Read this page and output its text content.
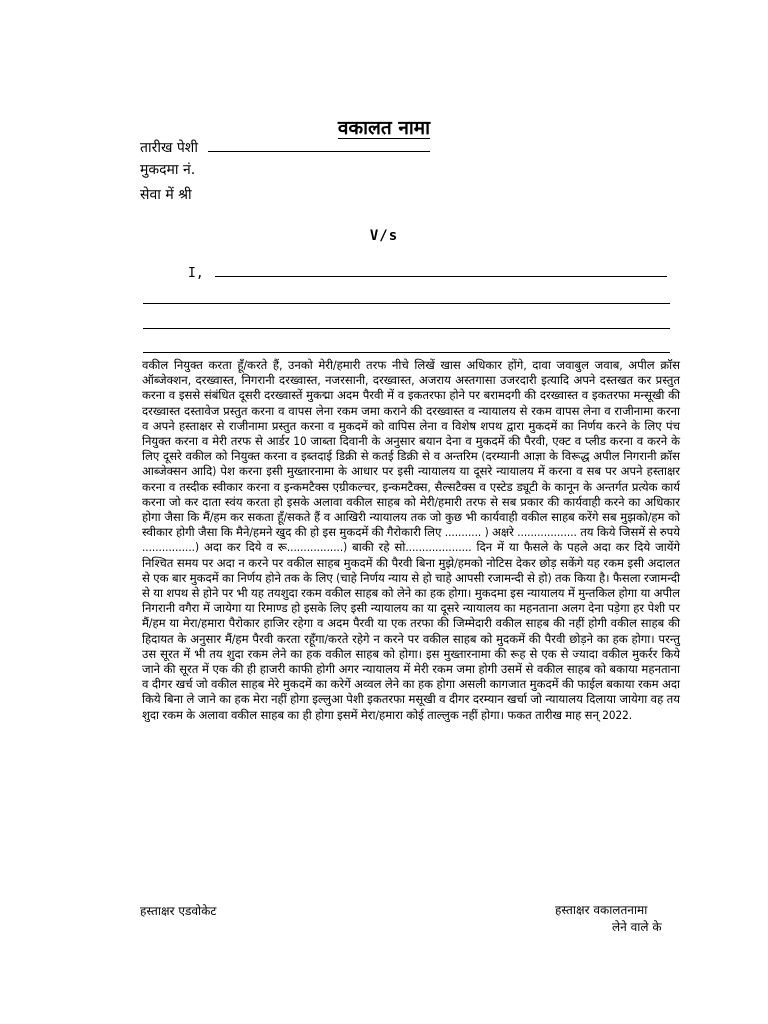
वकालत नामा
तारीख पेशी
मुकदमा नं.
सेवा में श्री
V/s
I,
वकील नियुक्त करता हूँ/करते हैं, उनको मेरी/हमारी तरफ नीचे लिखें खास अधिकार होंगे, दावा जवाबुल जवाब, अपील क्रॉस ऑब्जेक्शन, दरख्वास्त, निगरानी दरख्वास्त, नजरसानी, दरख्वास्त, अजराय अस्तगासा उजरदारी इत्यादि अपने दस्तखत कर प्रस्तुत करना व इससे संबंधित दूसरी दरख्वास्तें मुकद्मा अदम पैरवी में व इकतरफा होने पर बरामदगी की दरख्वास्त व इकतरफा मन्सूखी की दरख्वास्त दस्तावेज प्रस्तुत करना व वापस लेना रकम जमा कराने की दरख्वास्त व न्यायालय से रकम वापस लेना व राजीनामा करना व अपने हस्ताक्षर से राजीनामा प्रस्तुत करना व मुकदमें को वापिस लेना व विशेष शपथ द्वारा मुकदमें का निर्णय करने के लिए पंच नियुक्त करना व मेरी तरफ से आर्डर 10 जाब्ता दिवानी के अनुसार बयान देना व मुकदमें की पैरवी, एक्ट व प्लीड करना व करने के लिए दूसरे वकील को नियुक्त करना व इब्तदाई डिक्री से कतई डिक्री से व अन्तरिम (दरम्यानी आज्ञा के विरूद्ध अपील निगरानी क्रॉस आब्जेक्सन आदि) पेश करना इसी मुख्तारनामा के आधार पर इसी न्यायालय या दूसरे न्यायालय में करना व सब पर अपने हस्ताक्षर करना व तस्दीक स्वीकार करना व इन्कमटैक्स एग्रीकल्चर, इन्कमटैक्स, सैल्सटैक्स व एस्टेड ड्यूटी के कानून के अन्तर्गत प्रत्येक कार्य करना जो कर दाता स्वंय करता हो इसके अलावा वकील साहब को मेरी/हमारी तरफ से सब प्रकार की कार्यवाही करने का अधिकार होगा जैसा कि मैं/हम कर सकता हूँ/सकते हैं व आखिरी न्यायालय तक जो कुछ भी कार्यवाही वकील साहब करेंगे सब मुझको/हम को स्वीकार होगी जैसा कि मैने/हमने खुद की हो इस मुकदमें की गैरोकारी लिए ........... ) अक्षरे .................. तय किये जिसमें से रुपये ................) अदा कर दिये व रू.................) बाकी रहे सो.................... दिन में या फैसले के पहले अदा कर दिये जायेंगे निश्चित समय पर अदा न करने पर वकील साहब मुकदमें की पैरवी बिना मुझे/हमको नोटिस देकर छोड़ सकेंगे यह रकम इसी अदालत से एक बार मुकदमें का निर्णय होने तक के लिए (चाहे निर्णय न्याय से हो चाहे आपसी रजामन्दी से हो) तक किया है। फैसला रजामन्दी से या शपथ से होने पर भी यह तयशुदा रकम वकील साहब को लेने का हक होगा। मुकदमा इस न्यायालय में मुन्तकिल होगा या अपील निगरानी वगैरा में जायेगा या रिमाण्ड हो इसके लिए इसी न्यायालय का या दूसरे न्यायालय का महनताना अलग देना पड़ेगा हर पेशी पर मैं/हम या मेरा/हमारा पैरोकार हाजिर रहेगा व अदम पैरवी या एक तरफा की जिम्मेदारी वकील साहब की नहीं होगी वकील साहब की हिदायत के अनुसार मैं/हम पैरवी करता रहूँगा/करते रहेगे न करने पर वकील साहब को मुदकमें की पैरवी छोड़ने का हक होगा। परन्तु उस सूरत में भी तय शुदा रकम लेने का हक वकील साहब को होगा। इस मुख्तारनामा की रूह से एक से ज्यादा वकील मुकर्रर किये जाने की सूरत में एक की ही हाजरी काफी होगी अगर न्यायालय में मेरी रकम जमा होगी उसमें से वकील साहब को बकाया महनताना व दीगर खर्च जो वकील साहब मेरे मुकदमें का करेगें अव्वल लेने का हक होगा असली कागजात मुकदमें की फाईल बकाया रकम अदा किये बिना ले जाने का हक मेरा नहीं होगा इल्लुआ पेशी इकतरफा मसूखी व दीगर दरम्यान खर्चा जो न्यायालय दिलाया जायेगा वह तय शुदा रकम के अलावा वकील साहब का ही होगा इसमें मेरा/हमारा कोई ताल्लुक नहीं होगा। फकत तारीख माह सन् 2022.
हस्ताक्षर एडवोकेट	हस्ताक्षर वकालतनामा
लेने वाले के
